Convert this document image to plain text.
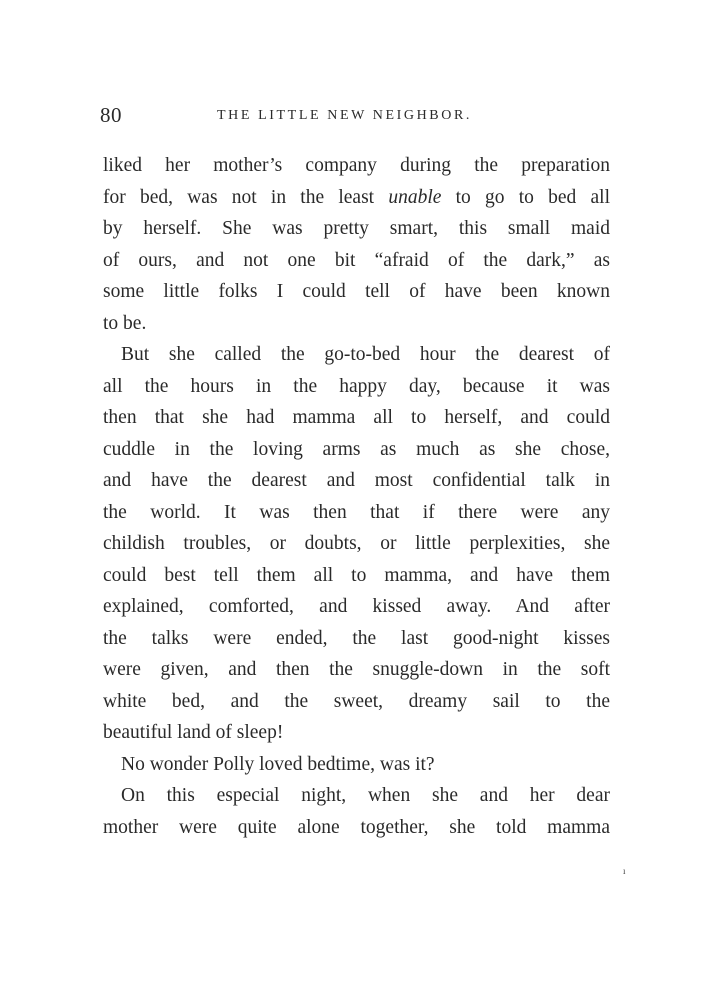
80	THE LITTLE NEW NEIGHBOR.
liked her mother’s company during the preparation
for bed, was not in the least unable to go to bed all
by herself. She was pretty smart, this small maid
of ours, and not one bit “afraid of the dark,” as
some little folks I could tell of have been known
to be.
But she called the go-to-bed hour the dearest of
all the hours in the happy day, because it was
then that she had mamma all to herself, and could
cuddle in the loving arms as much as she chose,
and have the dearest and most confidential talk in
the world. It was then that if there were any
childish troubles, or doubts, or little perplexities, she
could best tell them all to mamma, and have them
explained, comforted, and kissed away. And after
the talks were ended, the last good-night kisses
were given, and then the snuggle-down in the soft
white bed, and the sweet, dreamy sail to the
beautiful land of sleep!
No wonder Polly loved bedtime, was it?
On this especial night, when she and her dear
mother were quite alone together, she told mamma
ı
